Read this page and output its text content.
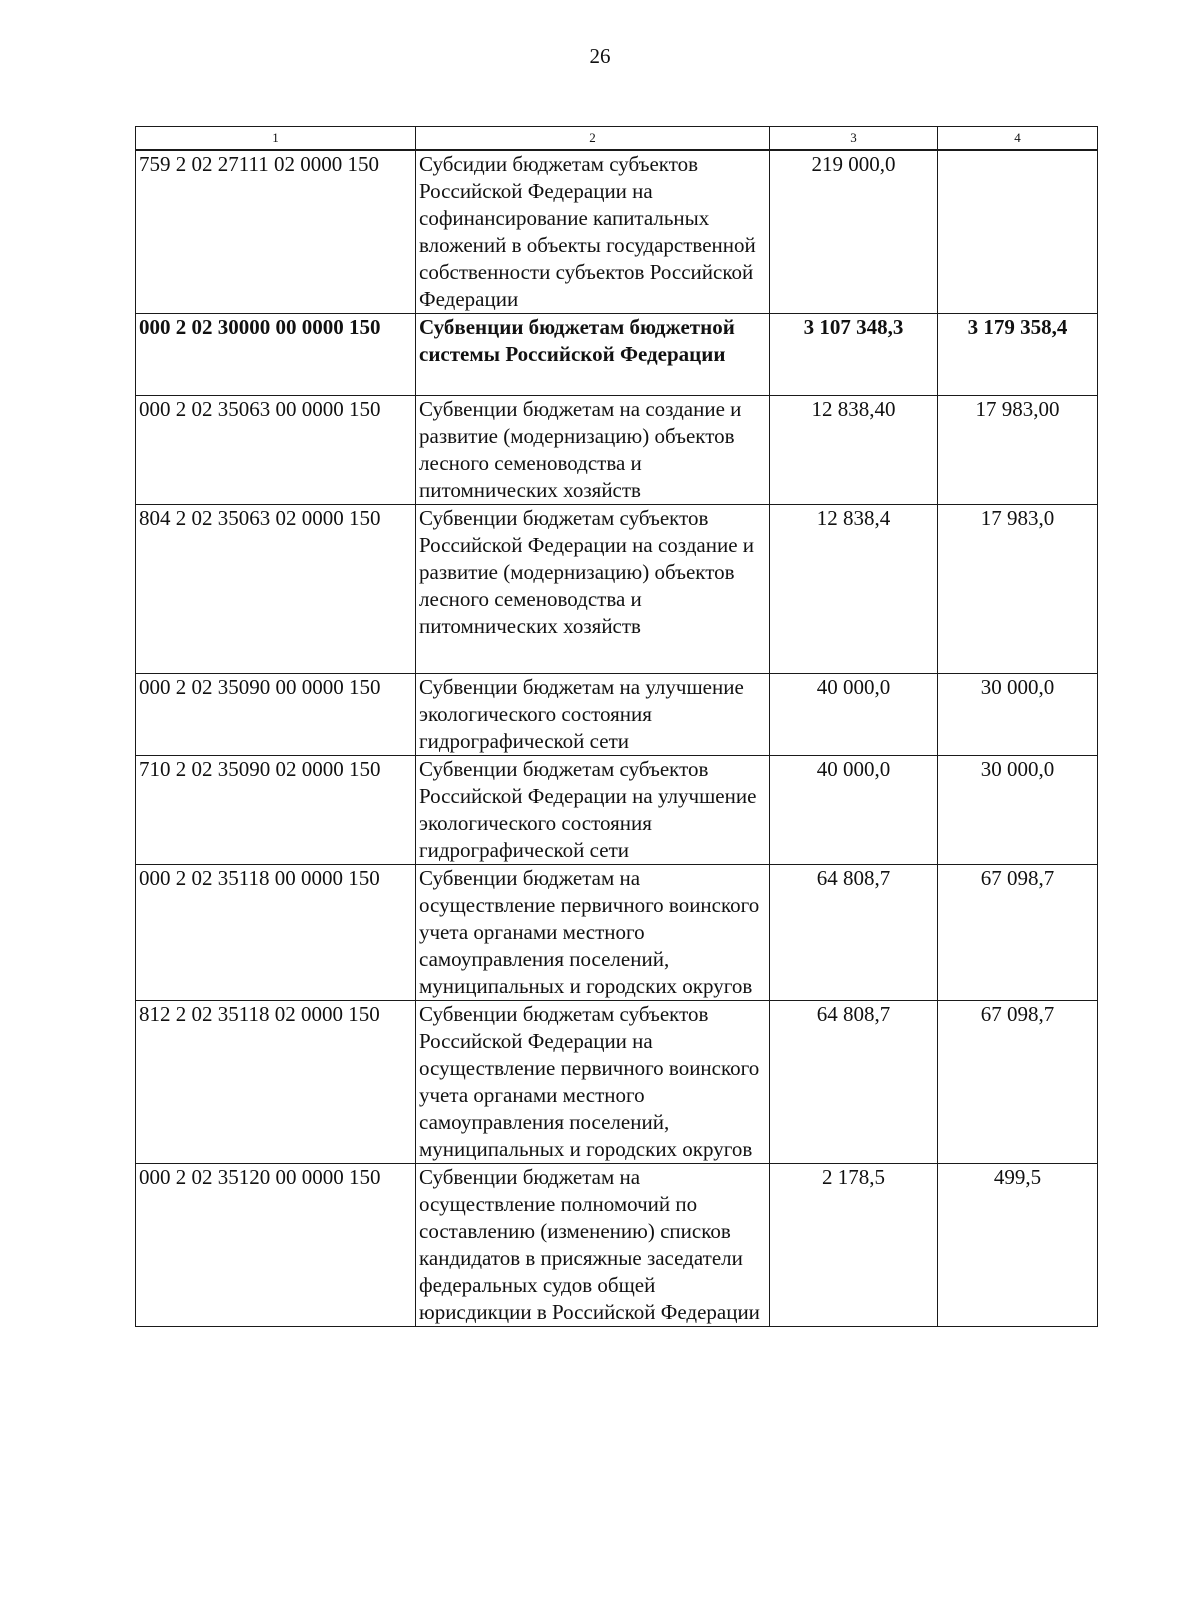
26
1	2	3	4
759 2 02 27111 02 0000 150	Субсидии бюджетам субъектов Российской Федерации на софинансирование капитальных вложений в объекты государственной собственности субъектов Российской Федерации	219 000,0	
000 2 02 30000 00 0000 150	Субвенции бюджетам бюджетной системы Российской Федерации	3 107 348,3	3 179 358,4
000 2 02 35063 00 0000 150	Субвенции бюджетам на создание и развитие (модернизацию) объектов лесного семеноводства и питомнических хозяйств	12 838,40	17 983,00
804 2 02 35063 02 0000 150	Субвенции бюджетам субъектов Российской Федерации на создание и развитие (модернизацию) объектов лесного семеноводства и питомнических хозяйств	12 838,4	17 983,0
000 2 02 35090 00 0000 150	Субвенции бюджетам на улучшение экологического состояния гидрографической сети	40 000,0	30 000,0
710 2 02 35090 02 0000 150	Субвенции бюджетам субъектов Российской Федерации на улучшение экологического состояния гидрографической сети	40 000,0	30 000,0
000 2 02 35118 00 0000 150	Субвенции бюджетам на осуществление первичного воинского учета органами местного самоуправления поселений, муниципальных и городских округов	64 808,7	67 098,7
812 2 02 35118 02 0000 150	Субвенции бюджетам субъектов Российской Федерации на осуществление первичного воинского учета органами местного самоуправления поселений, муниципальных и городских округов	64 808,7	67 098,7
000 2 02 35120 00 0000 150	Субвенции бюджетам на осуществление полномочий по составлению (изменению) списков кандидатов в присяжные заседатели федеральных судов общей юрисдикции в Российской Федерации	2 178,5	499,5
